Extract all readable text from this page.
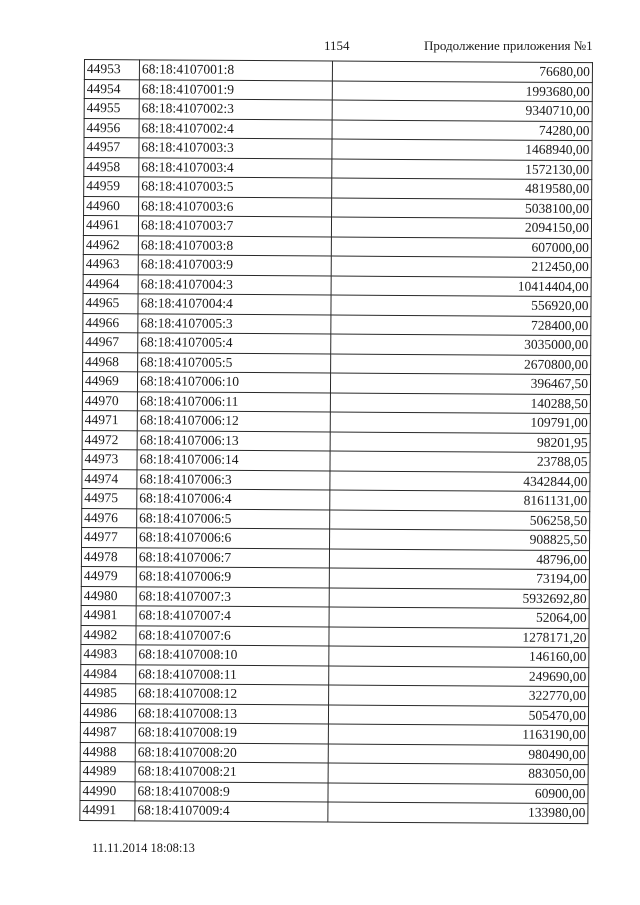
1154	Продолжение приложения №1
44953	68:18:4107001:8	76680,00
44954	68:18:4107001:9	1993680,00
44955	68:18:4107002:3	9340710,00
44956	68:18:4107002:4	74280,00
44957	68:18:4107003:3	1468940,00
44958	68:18:4107003:4	1572130,00
44959	68:18:4107003:5	4819580,00
44960	68:18:4107003:6	5038100,00
44961	68:18:4107003:7	2094150,00
44962	68:18:4107003:8	607000,00
44963	68:18:4107003:9	212450,00
44964	68:18:4107004:3	10414404,00
44965	68:18:4107004:4	556920,00
44966	68:18:4107005:3	728400,00
44967	68:18:4107005:4	3035000,00
44968	68:18:4107005:5	2670800,00
44969	68:18:4107006:10	396467,50
44970	68:18:4107006:11	140288,50
44971	68:18:4107006:12	109791,00
44972	68:18:4107006:13	98201,95
44973	68:18:4107006:14	23788,05
44974	68:18:4107006:3	4342844,00
44975	68:18:4107006:4	8161131,00
44976	68:18:4107006:5	506258,50
44977	68:18:4107006:6	908825,50
44978	68:18:4107006:7	48796,00
44979	68:18:4107006:9	73194,00
44980	68:18:4107007:3	5932692,80
44981	68:18:4107007:4	52064,00
44982	68:18:4107007:6	1278171,20
44983	68:18:4107008:10	146160,00
44984	68:18:4107008:11	249690,00
44985	68:18:4107008:12	322770,00
44986	68:18:4107008:13	505470,00
44987	68:18:4107008:19	1163190,00
44988	68:18:4107008:20	980490,00
44989	68:18:4107008:21	883050,00
44990	68:18:4107008:9	60900,00
44991	68:18:4107009:4	133980,00
11.11.2014 18:08:13
